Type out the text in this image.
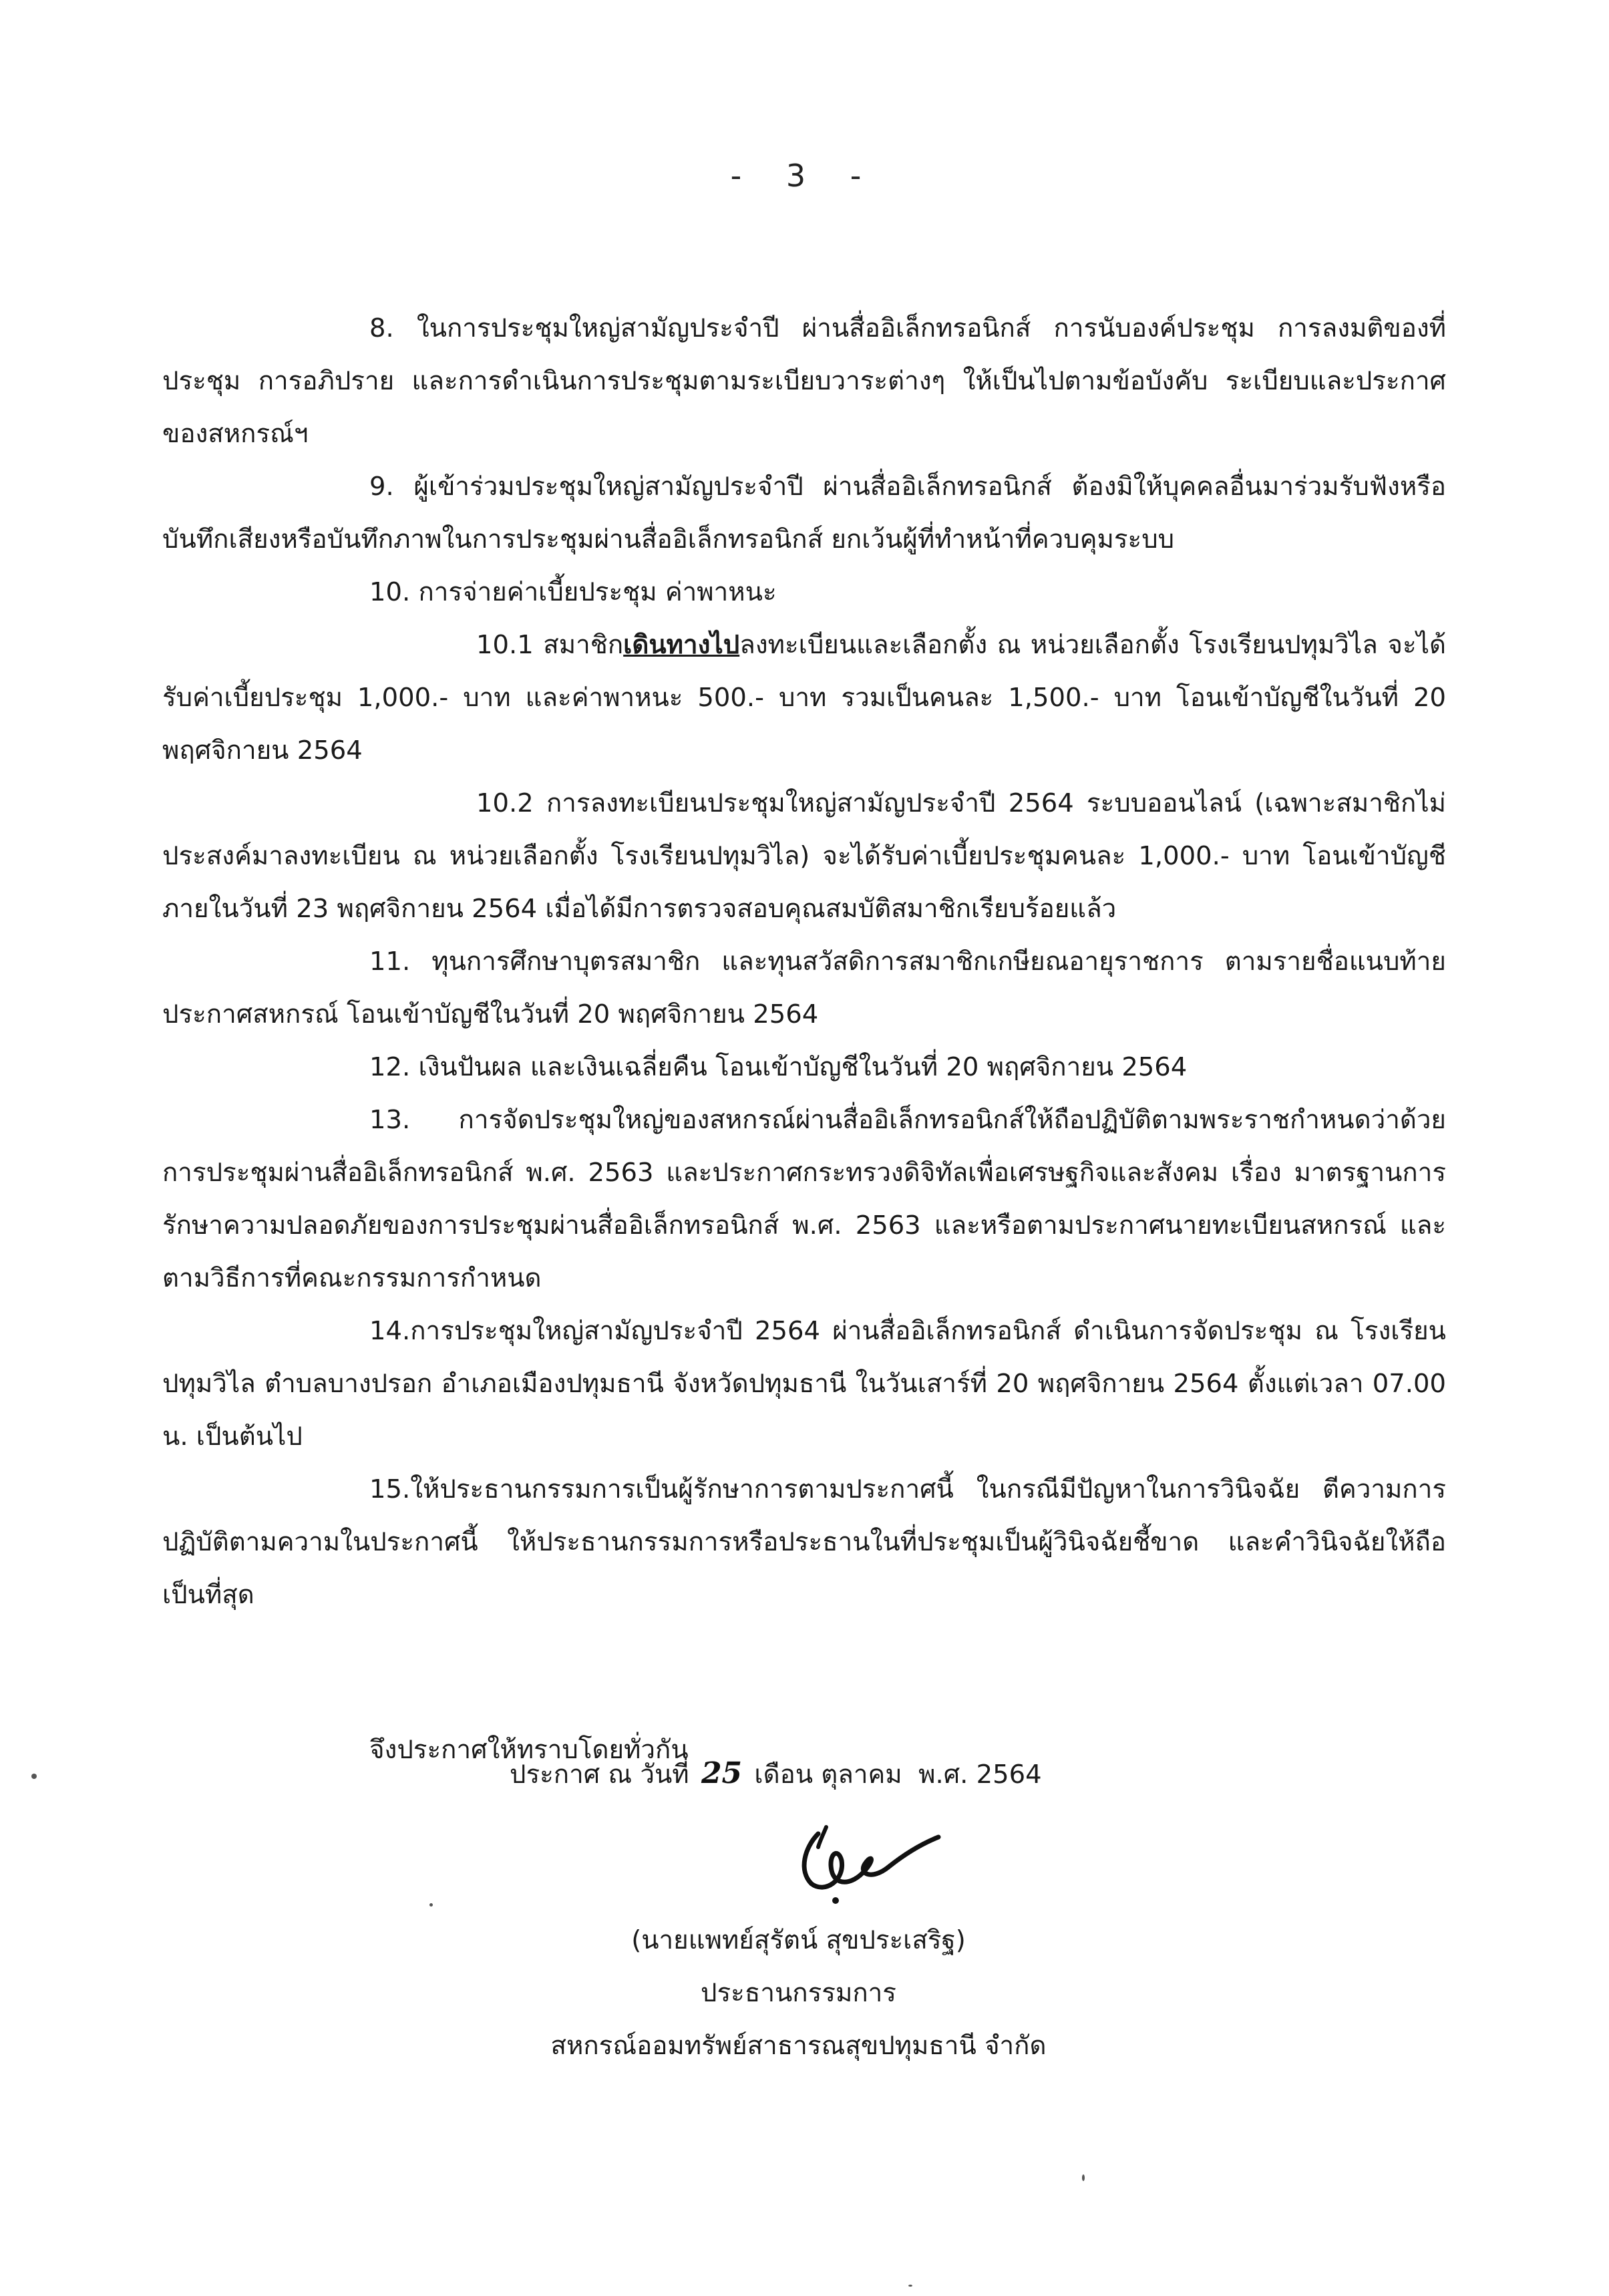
- 3 -

8. ในการประชุมใหญ่สามัญประจำปี ผ่านสื่ออิเล็กทรอนิกส์ การนับองค์ประชุม การลงมติของที่ประชุม การอภิปราย และการดำเนินการประชุมตามระเบียบวาระต่างๆ ให้เป็นไปตามข้อบังคับ ระเบียบและประกาศของสหกรณ์ฯ

9. ผู้เข้าร่วมประชุมใหญ่สามัญประจำปี ผ่านสื่ออิเล็กทรอนิกส์ ต้องมิให้บุคคลอื่นมาร่วมรับฟังหรือบันทึกเสียงหรือบันทึกภาพในการประชุมผ่านสื่ออิเล็กทรอนิกส์ ยกเว้นผู้ที่ทำหน้าที่ควบคุมระบบ

10. การจ่ายค่าเบี้ยประชุม ค่าพาหนะ

10.1 สมาชิกเดินทางไปลงทะเบียนและเลือกตั้ง ณ หน่วยเลือกตั้ง โรงเรียนปทุมวิไล จะได้รับค่าเบี้ยประชุม 1,000.- บาท และค่าพาหนะ 500.- บาท รวมเป็นคนละ 1,500.- บาท โอนเข้าบัญชีในวันที่ 20 พฤศจิกายน 2564

10.2 การลงทะเบียนประชุมใหญ่สามัญประจำปี 2564 ระบบออนไลน์ (เฉพาะสมาชิกไม่ประสงค์มาลงทะเบียน ณ หน่วยเลือกตั้ง โรงเรียนปทุมวิไล) จะได้รับค่าเบี้ยประชุมคนละ 1,000.- บาท โอนเข้าบัญชีภายในวันที่ 23 พฤศจิกายน 2564 เมื่อได้มีการตรวจสอบคุณสมบัติสมาชิกเรียบร้อยแล้ว

11. ทุนการศึกษาบุตรสมาชิก และทุนสวัสดิการสมาชิกเกษียณอายุราชการ ตามรายชื่อแนบท้ายประกาศสหกรณ์ โอนเข้าบัญชีในวันที่ 20 พฤศจิกายน 2564

12. เงินปันผล และเงินเฉลี่ยคืน โอนเข้าบัญชีในวันที่ 20 พฤศจิกายน 2564

13. การจัดประชุมใหญ่ของสหกรณ์ผ่านสื่ออิเล็กทรอนิกส์ให้ถือปฏิบัติตามพระราชกำหนดว่าด้วยการประชุมผ่านสื่ออิเล็กทรอนิกส์ พ.ศ. 2563 และประกาศกระทรวงดิจิทัลเพื่อเศรษฐกิจและสังคม เรื่อง มาตรฐานการรักษาความปลอดภัยของการประชุมผ่านสื่ออิเล็กทรอนิกส์ พ.ศ. 2563 และหรือตามประกาศนายทะเบียนสหกรณ์ และตามวิธีการที่คณะกรรมการกำหนด

14.การประชุมใหญ่สามัญประจำปี 2564 ผ่านสื่ออิเล็กทรอนิกส์ ดำเนินการจัดประชุม ณ โรงเรียนปทุมวิไล ตำบลบางปรอก อำเภอเมืองปทุมธานี จังหวัดปทุมธานี ในวันเสาร์ที่ 20 พฤศจิกายน 2564 ตั้งแต่เวลา 07.00 น. เป็นต้นไป

15.ให้ประธานกรรมการเป็นผู้รักษาการตามประกาศนี้ ในกรณีมีปัญหาในการวินิจฉัย ตีความการปฏิบัติตามความในประกาศนี้ ให้ประธานกรรมการหรือประธานในที่ประชุมเป็นผู้วินิจฉัยชี้ขาด และคำวินิจฉัยให้ถือเป็นที่สุด

จึงประกาศให้ทราบโดยทั่วกัน

ประกาศ ณ วันที่ 25 เดือน ตุลาคม พ.ศ. 2564
(นายแพทย์สุรัตน์ สุขประเสริฐ)
ประธานกรรมการ
สหกรณ์ออมทรัพย์สาธารณสุขปทุมธานี จำกัด
